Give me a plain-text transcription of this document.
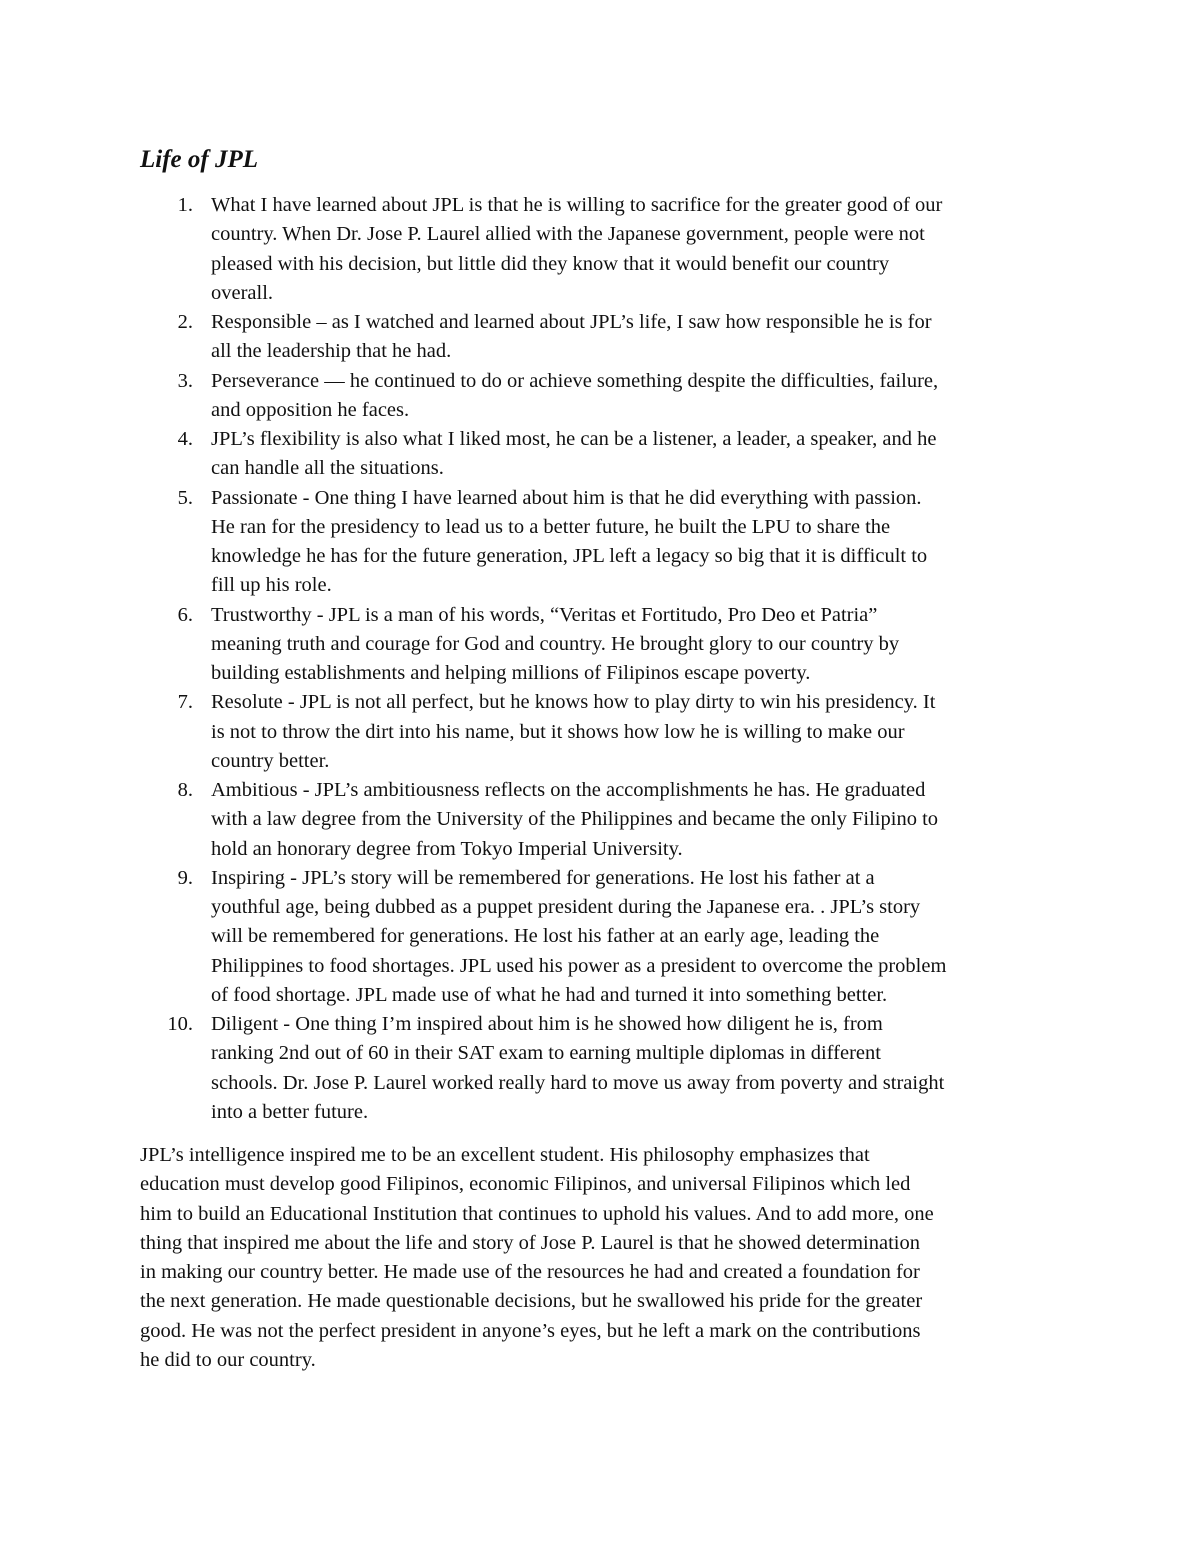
Life of JPL
1. What I have learned about JPL is that he is willing to sacrifice for the greater good of our
country. When Dr. Jose P. Laurel allied with the Japanese government, people were not
pleased with his decision, but little did they know that it would benefit our country
overall.
2. Responsible – as I watched and learned about JPL’s life, I saw how responsible he is for
all the leadership that he had.
3. Perseverance — he continued to do or achieve something despite the difficulties, failure,
and opposition he faces.
4. JPL’s flexibility is also what I liked most, he can be a listener, a leader, a speaker, and he
can handle all the situations.
5. Passionate - One thing I have learned about him is that he did everything with passion.
He ran for the presidency to lead us to a better future, he built the LPU to share the
knowledge he has for the future generation, JPL left a legacy so big that it is difficult to
fill up his role.
6. Trustworthy - JPL is a man of his words, “Veritas et Fortitudo, Pro Deo et Patria”
meaning truth and courage for God and country. He brought glory to our country by
building establishments and helping millions of Filipinos escape poverty.
7. Resolute - JPL is not all perfect, but he knows how to play dirty to win his presidency. It
is not to throw the dirt into his name, but it shows how low he is willing to make our
country better.
8. Ambitious - JPL’s ambitiousness reflects on the accomplishments he has. He graduated
with a law degree from the University of the Philippines and became the only Filipino to
hold an honorary degree from Tokyo Imperial University.
9. Inspiring - JPL’s story will be remembered for generations. He lost his father at a
youthful age, being dubbed as a puppet president during the Japanese era. . JPL’s story
will be remembered for generations. He lost his father at an early age, leading the
Philippines to food shortages. JPL used his power as a president to overcome the problem
of food shortage. JPL made use of what he had and turned it into something better.
10. Diligent - One thing I’m inspired about him is he showed how diligent he is, from
ranking 2nd out of 60 in their SAT exam to earning multiple diplomas in different
schools. Dr. Jose P. Laurel worked really hard to move us away from poverty and straight
into a better future.

JPL’s intelligence inspired me to be an excellent student. His philosophy emphasizes that
education must develop good Filipinos, economic Filipinos, and universal Filipinos which led
him to build an Educational Institution that continues to uphold his values. And to add more, one
thing that inspired me about the life and story of Jose P. Laurel is that he showed determination
in making our country better. He made use of the resources he had and created a foundation for
the next generation. He made questionable decisions, but he swallowed his pride for the greater
good. He was not the perfect president in anyone’s eyes, but he left a mark on the contributions
he did to our country.
